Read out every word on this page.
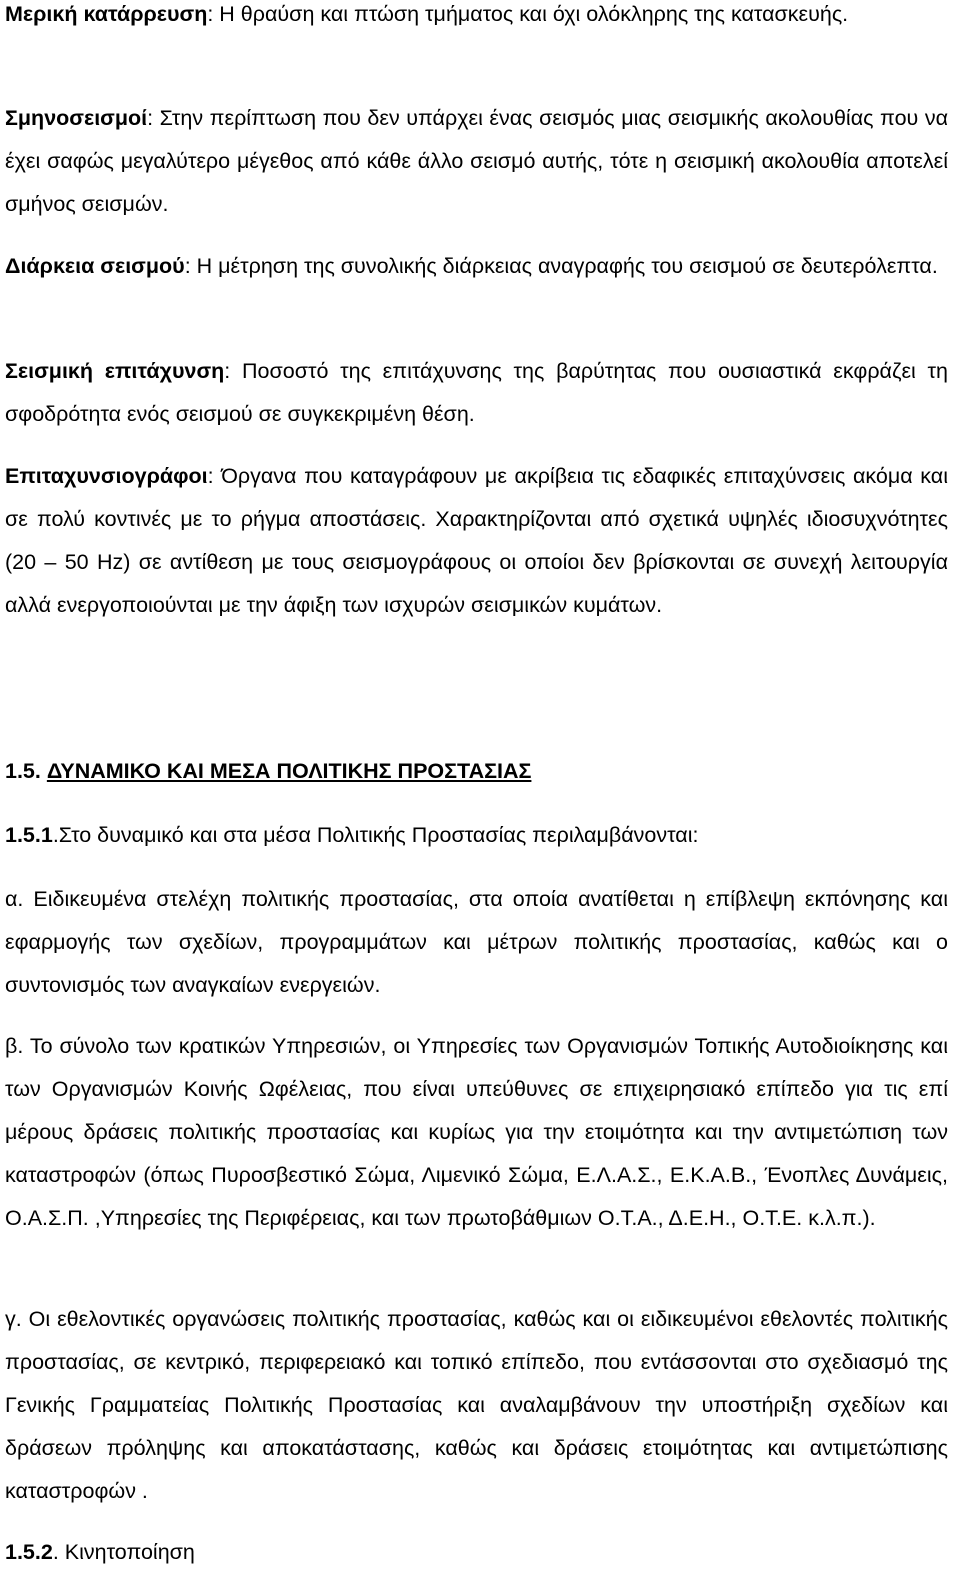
Μερική κατάρρευση: Η θραύση και πτώση τμήματος και όχι ολόκληρης της κατασκευής.

Σμηνοσεισμοί: Στην περίπτωση που δεν υπάρχει ένας σεισμός μιας σεισμικής ακολουθίας που να έχει σαφώς μεγαλύτερο μέγεθος από κάθε άλλο σεισμό αυτής, τότε η σεισμική ακολουθία αποτελεί σμήνος σεισμών.

Διάρκεια σεισμού: Η μέτρηση της συνολικής διάρκειας αναγραφής του σεισμού σε δευτερόλεπτα.

Σεισμική επιτάχυνση: Ποσοστό της επιτάχυνσης της βαρύτητας που ουσιαστικά εκφράζει τη σφοδρότητα ενός σεισμού σε συγκεκριμένη θέση.

Επιταχυνσιογράφοι: Όργανα που καταγράφουν με ακρίβεια τις εδαφικές επιταχύνσεις ακόμα και σε πολύ κοντινές με το ρήγμα αποστάσεις. Χαρακτηρίζονται από σχετικά υψηλές ιδιοσυχνότητες (20 – 50 Hz) σε αντίθεση με τους σεισμογράφους οι οποίοι δεν βρίσκονται σε συνεχή λειτουργία αλλά ενεργοποιούνται με την άφιξη των ισχυρών σεισμικών κυμάτων.

1.5. ΔΥΝΑΜΙΚΟ ΚΑΙ ΜΕΣΑ ΠΟΛΙΤΙΚΗΣ ΠΡΟΣΤΑΣΙΑΣ

1.5.1.Στο δυναμικό και στα μέσα Πολιτικής Προστασίας περιλαμβάνονται:

α. Ειδικευμένα στελέχη πολιτικής προστασίας, στα οποία ανατίθεται η επίβλεψη εκπόνησης και εφαρμογής των σχεδίων, προγραμμάτων και μέτρων πολιτικής προστασίας, καθώς και ο συντονισμός των αναγκαίων ενεργειών.

β. Το σύνολο των κρατικών Υπηρεσιών, οι Υπηρεσίες των Οργανισμών Τοπικής Αυτοδιοίκησης και των Οργανισμών Κοινής Ωφέλειας, που είναι υπεύθυνες σε επιχειρησιακό επίπεδο για τις επί μέρους δράσεις πολιτικής προστασίας και κυρίως για την ετοιμότητα και την αντιμετώπιση των καταστροφών (όπως Πυροσβεστικό Σώμα, Λιμενικό Σώμα, Ε.Λ.Α.Σ., Ε.Κ.Α.Β., Ένοπλες Δυνάμεις, Ο.Α.Σ.Π. ,Υπηρεσίες της Περιφέρειας, και των πρωτοβάθμιων Ο.Τ.Α., Δ.Ε.Η., Ο.Τ.Ε. κ.λ.π.).

γ. Οι εθελοντικές οργανώσεις πολιτικής προστασίας, καθώς και οι ειδικευμένοι εθελοντές πολιτικής προστασίας, σε κεντρικό, περιφερειακό και τοπικό επίπεδο, που εντάσσονται στο σχεδιασμό της Γενικής Γραμματείας Πολιτικής Προστασίας και αναλαμβάνουν την υποστήριξη σχεδίων και δράσεων πρόληψης και αποκατάστασης, καθώς και δράσεις ετοιμότητας και αντιμετώπισης καταστροφών .

1.5.2. Κινητοποίηση
